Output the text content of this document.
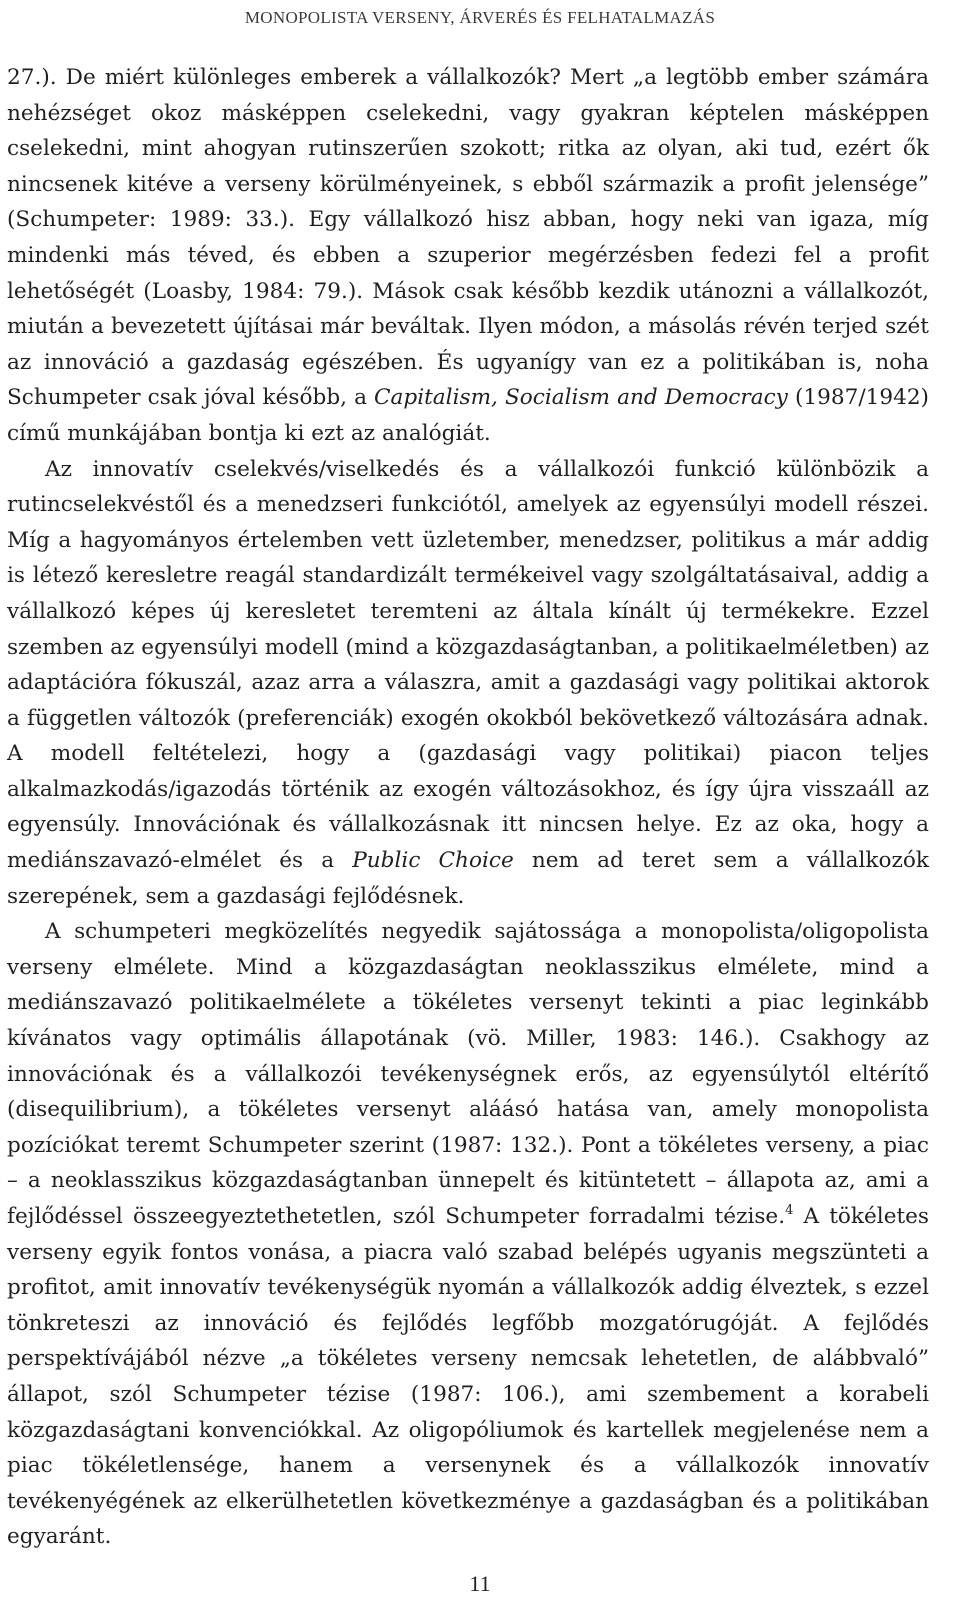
MONOPOLISTA VERSENY, ÁRVERÉS ÉS FELHATALMAZÁS

27.). De miért különleges emberek a vállalkozók? Mert „a legtöbb ember számára nehézséget okoz másképpen cselekedni, vagy gyakran képtelen másképpen cselekedni, mint ahogyan rutinszerűen szokott; ritka az olyan, aki tud, ezért ők nincsenek kitéve a verseny körülményeinek, s ebből származik a profit jelensége” (Schumpeter: 1989: 33.). Egy vállalkozó hisz abban, hogy neki van igaza, míg mindenki más téved, és ebben a szuperior megérzésben fedezi fel a profit lehetőségét (Loasby, 1984: 79.). Mások csak később kezdik utánozni a vállalkozót, miután a bevezetett újításai már beváltak. Ilyen módon, a másolás révén terjed szét az innováció a gazdaság egészében. És ugyanígy van ez a politikában is, noha Schumpeter csak jóval később, a Capitalism, Socialism and Democracy (1987/1942) című munkájában bontja ki ezt az analógiát.

Az innovatív cselekvés/viselkedés és a vállalkozói funkció különbözik a rutincselekvéstől és a menedzseri funkciótól, amelyek az egyensúlyi modell részei. Míg a hagyományos értelemben vett üzletember, menedzser, politikus a már addig is létező keresletre reagál standardizált termékeivel vagy szolgáltatásaival, addig a vállalkozó képes új keresletet teremteni az általa kínált új termékekre. Ezzel szemben az egyensúlyi modell (mind a közgazdaságtanban, a politikaelméletben) az adaptációra fókuszál, azaz arra a válaszra, amit a gazdasági vagy politikai aktorok a független változók (preferenciák) exogén okokból bekövetkező változására adnak. A modell feltételezi, hogy a (gazdasági vagy politikai) piacon teljes alkalmazkodás/igazodás történik az exogén változásokhoz, és így újra visszaáll az egyensúly. Innovációnak és vállalkozásnak itt nincsen helye. Ez az oka, hogy a mediánszavazó-elmélet és a Public Choice nem ad teret sem a vállalkozók szerepének, sem a gazdasági fejlődésnek.

A schumpeteri megközelítés negyedik sajátossága a monopolista/oligopolista verseny elmélete. Mind a közgazdaságtan neoklasszikus elmélete, mind a mediánszavazó politikaelmélete a tökéletes versenyt tekinti a piac leginkább kívánatos vagy optimális állapotának (vö. Miller, 1983: 146.). Csakhogy az innovációnak és a vállalkozói tevékenységnek erős, az egyensúlytól eltérítő (disequilibrium), a tökéletes versenyt aláásó hatása van, amely monopolista pozíciókat teremt Schumpeter szerint (1987: 132.). Pont a tökéletes verseny, a piac – a neoklasszikus közgazdaságtanban ünnepelt és kitüntetett – állapota az, ami a fejlődéssel összeegyeztethetetlen, szól Schumpeter forradalmi tézise.$^4$ A tökéletes verseny egyik fontos vonása, a piacra való szabad belépés ugyanis megszünteti a profitot, amit innovatív tevékenységük nyomán a vállalkozók addig élveztek, s ezzel tönkreteszi az innováció és fejlődés legfőbb mozgatórugóját. A fejlődés perspektívájából nézve „a tökéletes verseny nemcsak lehetetlen, de alábbvaló” állapot, szól Schumpeter tézise (1987: 106.), ami szembement a korabeli közgazdaságtani konvenciókkal. Az oligopóliumok és kartellek megjelenése nem a piac tökéletlensége, hanem a versenynek és a vállalkozók innovatív tevékenyégének az elkerülhetetlen következménye a gazdaságban és a politikában egyaránt.

11
